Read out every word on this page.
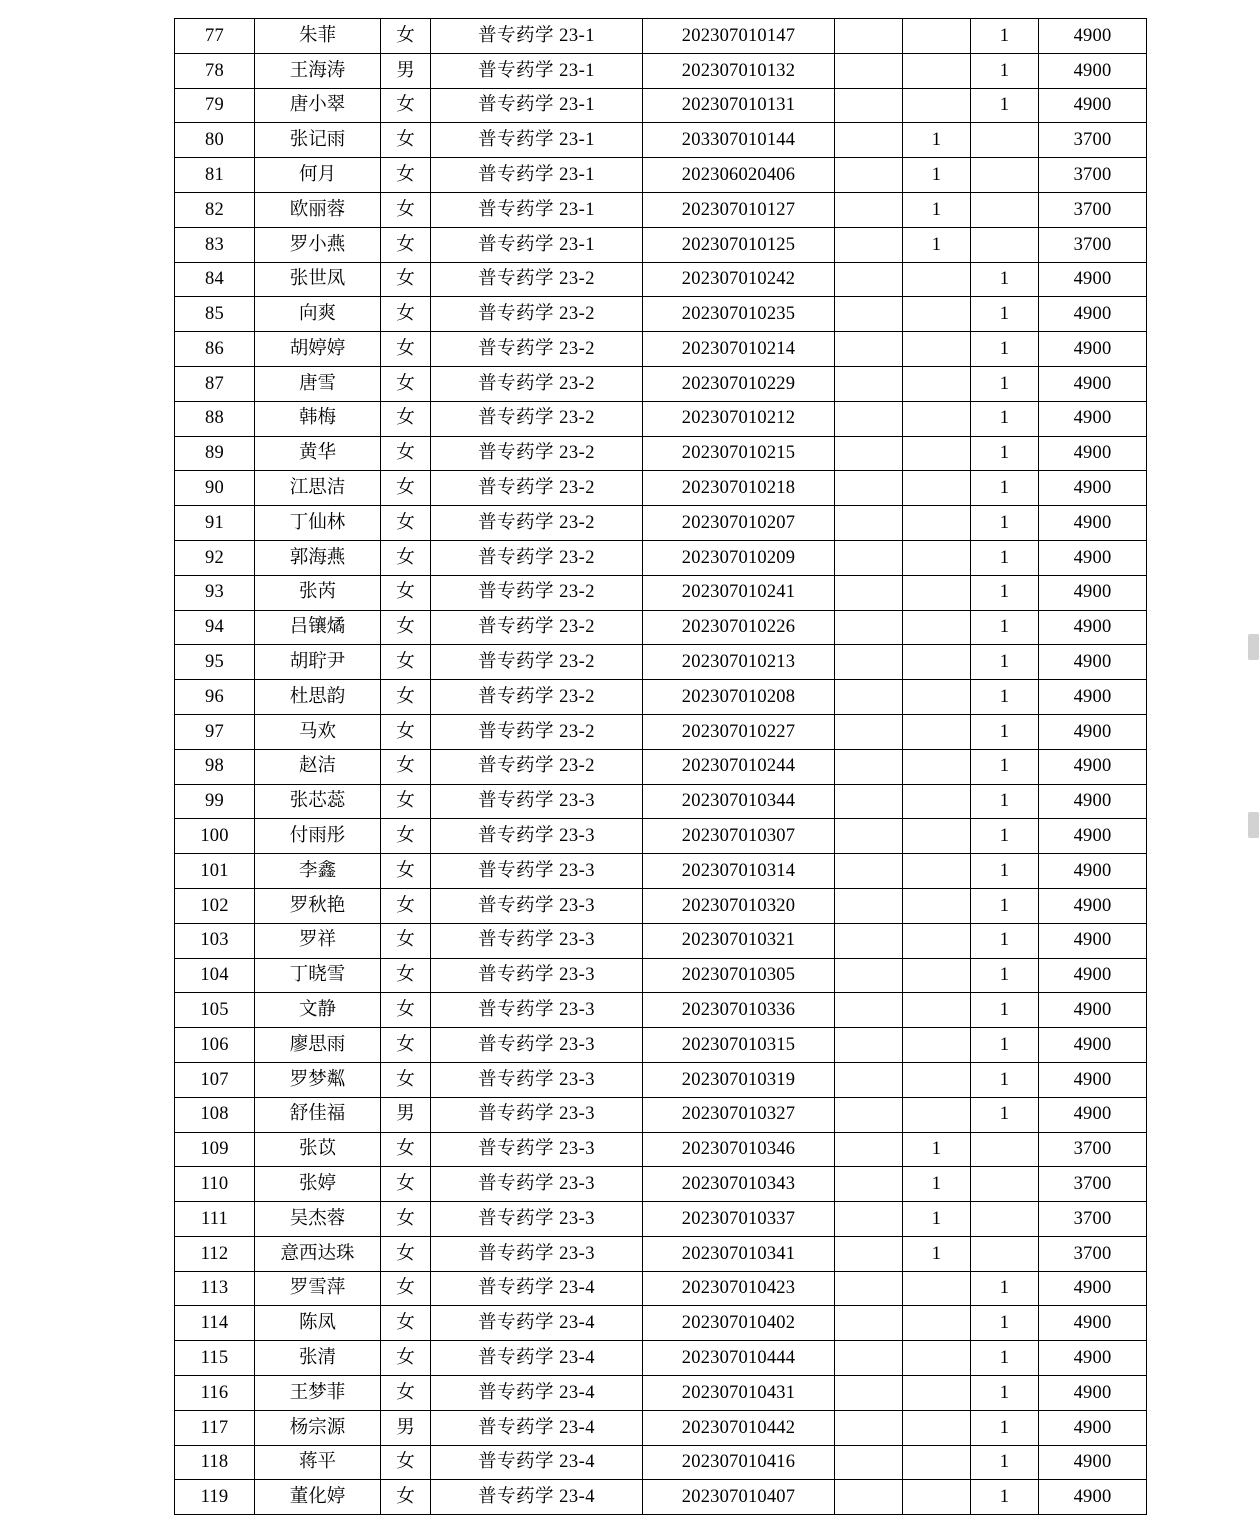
77	朱菲	女	普专药学 23-1	202307010147			1	4900
78	王海涛	男	普专药学 23-1	202307010132			1	4900
79	唐小翠	女	普专药学 23-1	202307010131			1	4900
80	张记雨	女	普专药学 23-1	203307010144		1		3700
81	何月	女	普专药学 23-1	202306020406		1		3700
82	欧丽蓉	女	普专药学 23-1	202307010127		1		3700
83	罗小燕	女	普专药学 23-1	202307010125		1		3700
84	张世凤	女	普专药学 23-2	202307010242			1	4900
85	向爽	女	普专药学 23-2	202307010235			1	4900
86	胡婷婷	女	普专药学 23-2	202307010214			1	4900
87	唐雪	女	普专药学 23-2	202307010229			1	4900
88	韩梅	女	普专药学 23-2	202307010212			1	4900
89	黄华	女	普专药学 23-2	202307010215			1	4900
90	江思洁	女	普专药学 23-2	202307010218			1	4900
91	丁仙林	女	普专药学 23-2	202307010207			1	4900
92	郭海燕	女	普专药学 23-2	202307010209			1	4900
93	张芮	女	普专药学 23-2	202307010241			1	4900
94	吕镶燏	女	普专药学 23-2	202307010226			1	4900
95	胡聍尹	女	普专药学 23-2	202307010213			1	4900
96	杜思韵	女	普专药学 23-2	202307010208			1	4900
97	马欢	女	普专药学 23-2	202307010227			1	4900
98	赵洁	女	普专药学 23-2	202307010244			1	4900
99	张芯蕊	女	普专药学 23-3	202307010344			1	4900
100	付雨彤	女	普专药学 23-3	202307010307			1	4900
101	李鑫	女	普专药学 23-3	202307010314			1	4900
102	罗秋艳	女	普专药学 23-3	202307010320			1	4900
103	罗祥	女	普专药学 23-3	202307010321			1	4900
104	丁晓雪	女	普专药学 23-3	202307010305			1	4900
105	文静	女	普专药学 23-3	202307010336			1	4900
106	廖思雨	女	普专药学 23-3	202307010315			1	4900
107	罗梦粼	女	普专药学 23-3	202307010319			1	4900
108	舒佳福	男	普专药学 23-3	202307010327			1	4900
109	张苡	女	普专药学 23-3	202307010346		1		3700
110	张婷	女	普专药学 23-3	202307010343		1		3700
111	吴杰蓉	女	普专药学 23-3	202307010337		1		3700
112	意西达珠	女	普专药学 23-3	202307010341		1		3700
113	罗雪萍	女	普专药学 23-4	202307010423			1	4900
114	陈凤	女	普专药学 23-4	202307010402			1	4900
115	张清	女	普专药学 23-4	202307010444			1	4900
116	王梦菲	女	普专药学 23-4	202307010431			1	4900
117	杨宗源	男	普专药学 23-4	202307010442			1	4900
118	蒋平	女	普专药学 23-4	202307010416			1	4900
119	董化婷	女	普专药学 23-4	202307010407			1	4900
